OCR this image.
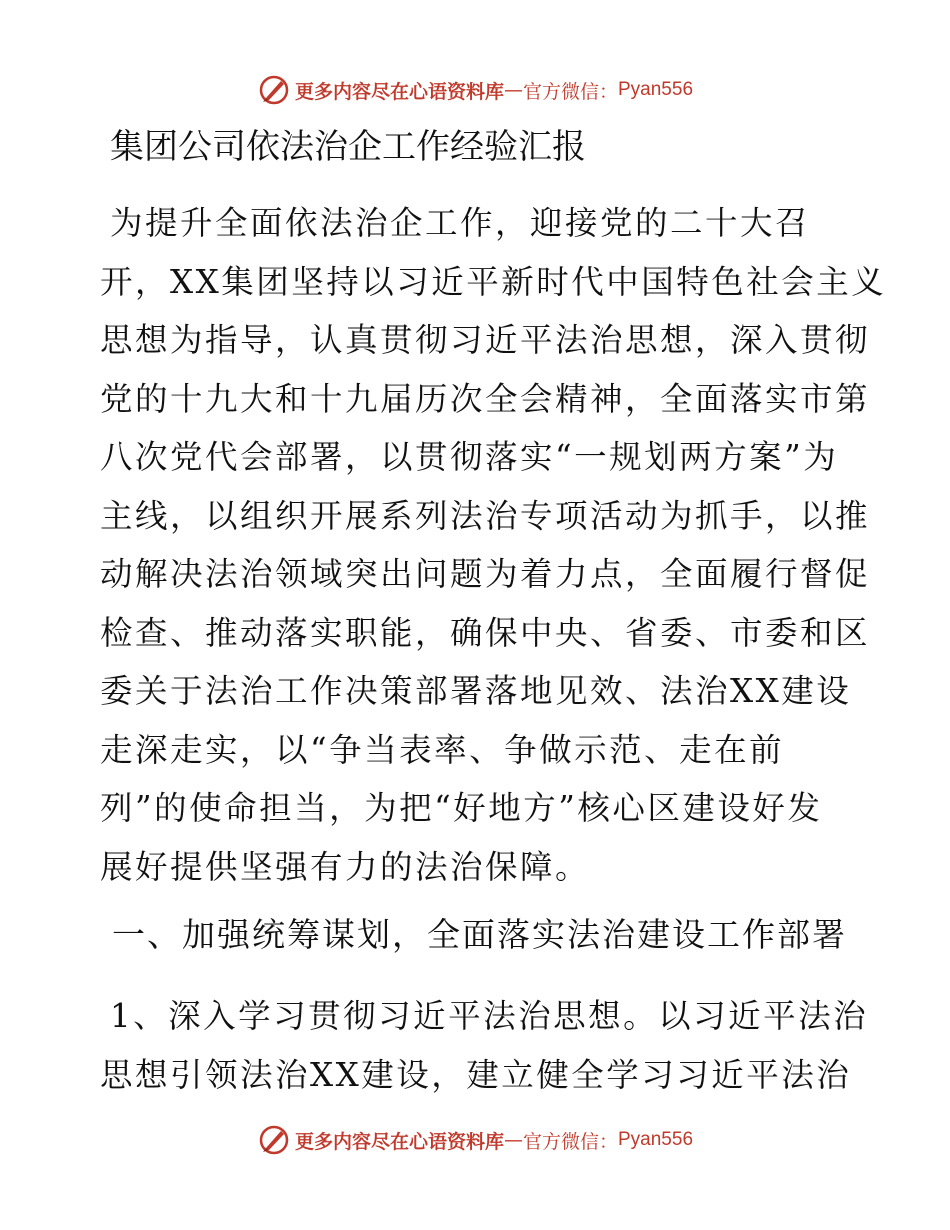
更多内容尽在心语资料库 — 官方微信： Pyan556
集团公司依法治企工作经验汇报
为提升全面依法治企工作，迎接党的二十大召
开，XX集团坚持以习近平新时代中国特色社会主义
思想为指导，认真贯彻习近平法治思想，深入贯彻
党的十九大和十九届历次全会精神，全面落实市第
八次党代会部署，以贯彻落实“一规划两方案”为
主线，以组织开展系列法治专项活动为抓手，以推
动解决法治领域突出问题为着力点，全面履行督促
检查、推动落实职能，确保中央、省委、市委和区
委关于法治工作决策部署落地见效、法治XX建设
走深走实，以“争当表率、争做示范、走在前
列”的使命担当，为把“好地方”核心区建设好发
展好提供坚强有力的法治保障。
一、加强统筹谋划，全面落实法治建设工作部署
1、深入学习贯彻习近平法治思想。以习近平法治
思想引领法治XX建设，建立健全学习习近平法治
更多内容尽在心语资料库 — 官方微信： Pyan556
